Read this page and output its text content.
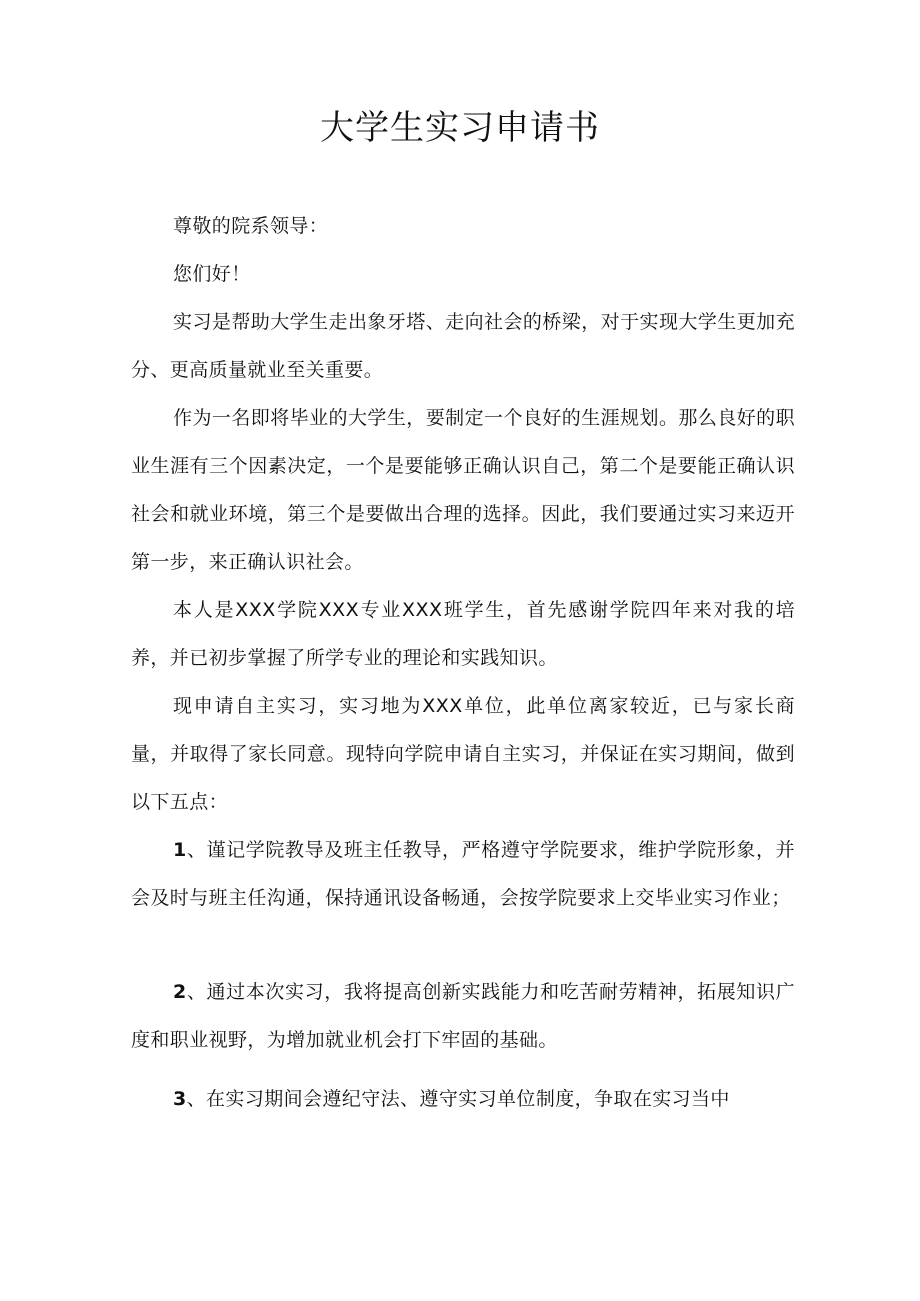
大学生实习申请书

尊敬的院系领导：

您们好！

实习是帮助大学生走出象牙塔、走向社会的桥梁，对于实现大学生更加充分、更高质量就业至关重要。

作为一名即将毕业的大学生，要制定一个良好的生涯规划。那么良好的职业生涯有三个因素决定，一个是要能够正确认识自己，第二个是要能正确认识社会和就业环境，第三个是要做出合理的选择。因此，我们要通过实习来迈开第一步，来正确认识社会。

本人是XXX学院XXX专业XXX班学生，首先感谢学院四年来对我的培养，并已初步掌握了所学专业的理论和实践知识。

现申请自主实习，实习地为XXX单位，此单位离家较近，已与家长商量，并取得了家长同意。现特向学院申请自主实习，并保证在实习期间，做到以下五点：

1、谨记学院教导及班主任教导，严格遵守学院要求，维护学院形象，并会及时与班主任沟通，保持通讯设备畅通，会按学院要求上交毕业实习作业；

2、通过本次实习，我将提高创新实践能力和吃苦耐劳精神，拓展知识广度和职业视野，为增加就业机会打下牢固的基础。

3、在实习期间会遵纪守法、遵守实习单位制度，争取在实习当中
